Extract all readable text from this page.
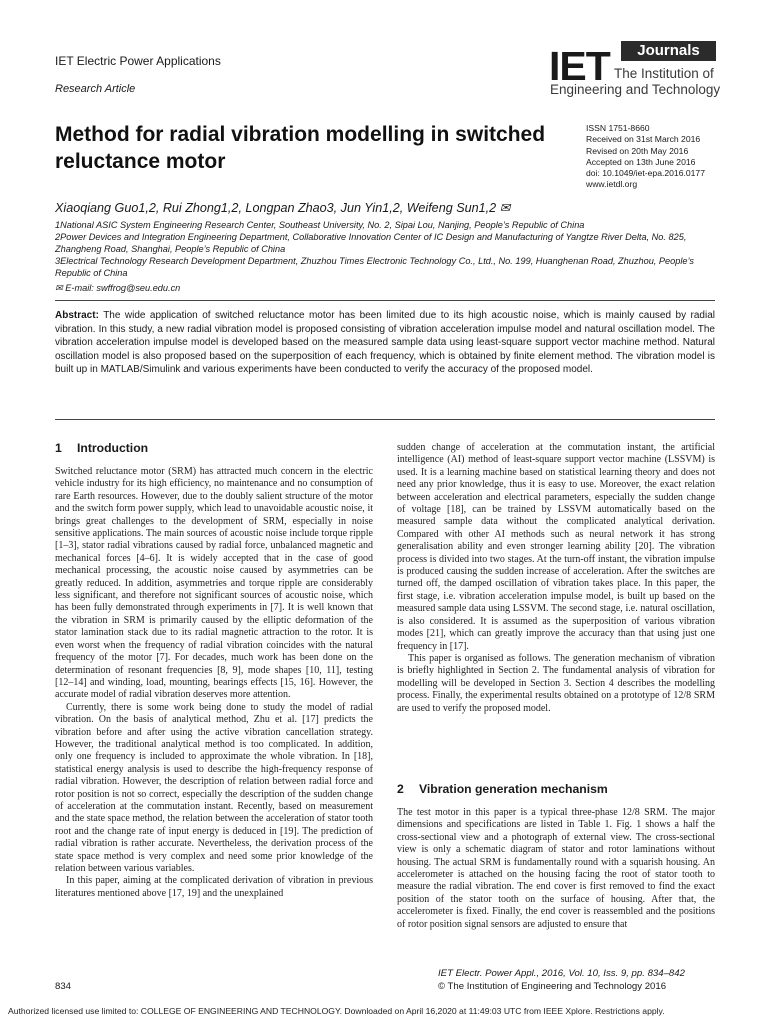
IET Electric Power Applications
Research Article	IET	Journals
The Institution of
Engineering and Technology
Method for radial vibration modelling in switched reluctance motor
ISSN 1751-8660
Received on 31st March 2016
Revised on 20th May 2016
Accepted on 13th June 2016
doi: 10.1049/iet-epa.2016.0177
www.ietdl.org
Xiaoqiang Guo1,2, Rui Zhong1,2, Longpan Zhao3, Jun Yin1,2, Weifeng Sun1,2 ✉
1National ASIC System Engineering Research Center, Southeast University, No. 2, Sipai Lou, Nanjing, People’s Republic of China
2Power Devices and Integration Engineering Department, Collaborative Innovation Center of IC Design and Manufacturing of Yangtze River Delta, No. 825, Zhangheng Road, Shanghai, People’s Republic of China
3Electrical Technology Research Development Department, Zhuzhou Times Electronic Technology Co., Ltd., No. 199, Huanghenan Road, Zhuzhou, People’s Republic of China
✉ E-mail: swffrog@seu.edu.cn
Abstract: The wide application of switched reluctance motor has been limited due to its high acoustic noise, which is mainly caused by radial vibration. In this study, a new radial vibration model is proposed consisting of vibration acceleration impulse model and natural oscillation model. The vibration acceleration impulse model is developed based on the measured sample data using least-square support vector machine method. Natural oscillation model is also proposed based on the superposition of each frequency, which is obtained by finite element method. The vibration model is built up in MATLAB/Simulink and various experiments have been conducted to verify the accuracy of the proposed model.
1 Introduction

Switched reluctance motor (SRM) has attracted much concern in the electric vehicle industry for its high efficiency, no maintenance and no consumption of rare Earth resources. However, due to the doubly salient structure of the motor and the switch form power supply, which lead to unavoidable acoustic noise, it brings great challenges to the development of SRM, especially in noise sensitive applications. The main sources of acoustic noise include torque ripple [1–3], stator radial vibrations caused by radial force, unbalanced magnetic and mechanical forces [4–6]. It is widely accepted that in the case of good mechanical processing, the acoustic noise caused by asymmetries can be greatly reduced. In addition, asymmetries and torque ripple are considerably less significant, and therefore not significant sources of acoustic noise, which has been fully demonstrated through experiments in [7]. It is well known that the vibration in SRM is primarily caused by the elliptic deformation of the stator lamination stack due to its radial magnetic attraction to the rotor. It is even worst when the frequency of radial vibration coincides with the natural frequency of the motor [7]. For decades, much work has been done on the determination of resonant frequencies [8, 9], mode shapes [10, 11], testing [12–14] and winding, load, mounting, bearings effects [15, 16]. However, the accurate model of radial vibration deserves more attention.

Currently, there is some work being done to study the model of radial vibration. On the basis of analytical method, Zhu et al. [17] predicts the vibration before and after using the active vibration cancellation strategy. However, the traditional analytical method is too complicated. In addition, only one frequency is included to approximate the whole vibration. In [18], statistical energy analysis is used to describe the high-frequency response of radial vibration. However, the description of relation between radial force and rotor position is not so correct, especially the description of the sudden change of acceleration at the commutation instant. Recently, based on measurement and the state space method, the relation between the acceleration of stator tooth root and the change rate of input energy is deduced in [19]. The prediction of radial vibration is rather accurate. Nevertheless, the derivation process of the state space method is very complex and need some prior knowledge of the relation between various variables.

In this paper, aiming at the complicated derivation of vibration in previous literatures mentioned above [17, 19] and the unexplained

sudden change of acceleration at the commutation instant, the artificial intelligence (AI) method of least-square support vector machine (LSSVM) is used. It is a learning machine based on statistical learning theory and does not need any prior knowledge, thus it is easy to use. Moreover, the exact relation between acceleration and electrical parameters, especially the sudden change of voltage [18], can be trained by LSSVM automatically based on the measured sample data without the complicated analytical derivation. Compared with other AI methods such as neural network it has strong generalisation ability and even stronger learning ability [20]. The vibration process is divided into two stages. At the turn-off instant, the vibration impulse is produced causing the sudden increase of acceleration. After the switches are turned off, the damped oscillation of vibration takes place. In this paper, the first stage, i.e. vibration acceleration impulse model, is built up based on the measured sample data using LSSVM. The second stage, i.e. natural oscillation, is also considered. It is assumed as the superposition of various vibration modes [21], which can greatly improve the accuracy than that using just one frequency in [17].

This paper is organised as follows. The generation mechanism of vibration is briefly highlighted in Section 2. The fundamental analysis of vibration for modelling will be developed in Section 3. Section 4 describes the modelling process. Finally, the experimental results obtained on a prototype of 12/8 SRM are used to verify the proposed model.

2 Vibration generation mechanism

The test motor in this paper is a typical three-phase 12/8 SRM. The major dimensions and specifications are listed in Table 1. Fig. 1 shows a half the cross-sectional view and a photograph of external view. The cross-sectional view is only a schematic diagram of stator and rotor laminations without housing. The actual SRM is fundamentally round with a squarish housing. An accelerometer is attached on the housing facing the root of stator tooth to measure the radial vibration. The end cover is first removed to find the exact position of the stator tooth on the surface of housing. After that, the accelerometer is fixed. Finally, the end cover is reassembled and the positions of rotor position signal sensors are adjusted to ensure that

834
IET Electr. Power Appl., 2016, Vol. 10, Iss. 9, pp. 834–842
© The Institution of Engineering and Technology 2016
Authorized licensed use limited to: COLLEGE OF ENGINEERING AND TECHNOLOGY. Downloaded on April 16,2020 at 11:49:03 UTC from IEEE Xplore. Restrictions apply.
